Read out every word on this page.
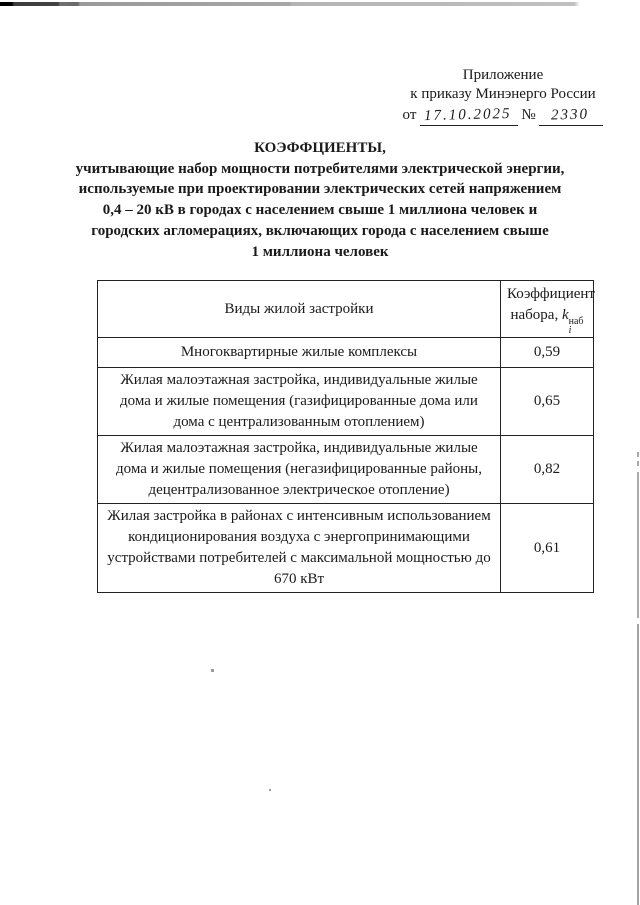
Приложение
к приказу Минэнерго России
от 17.10.2025 № 2330
КОЭФФЦИЕНТЫ,
учитывающие набор мощности потребителями электрической энергии,
используемые при проектировании электрических сетей напряжением
0,4 – 20 кВ в городах с населением свыше 1 миллиона человек и
городских агломерациях, включающих города с населением свыше
1 миллиона человек
Виды жилой застройки	Коэффициент
набора, k наб
i

Многоквартирные жилые комплексы	0,59
Жилая малоэтажная застройка, индивидуальные жилые дома и жилые помещения (газифицированные дома или дома с централизованным отоплением)	0,65
Жилая малоэтажная застройка, индивидуальные жилые дома и жилые помещения (негазифицированные районы, децентрализованное электрическое отопление)	0,82
Жилая застройка в районах с интенсивным использованием кондиционирования воздуха с энергопринимающими устройствами потребителей с максимальной мощностью до 670 кВт	0,61
